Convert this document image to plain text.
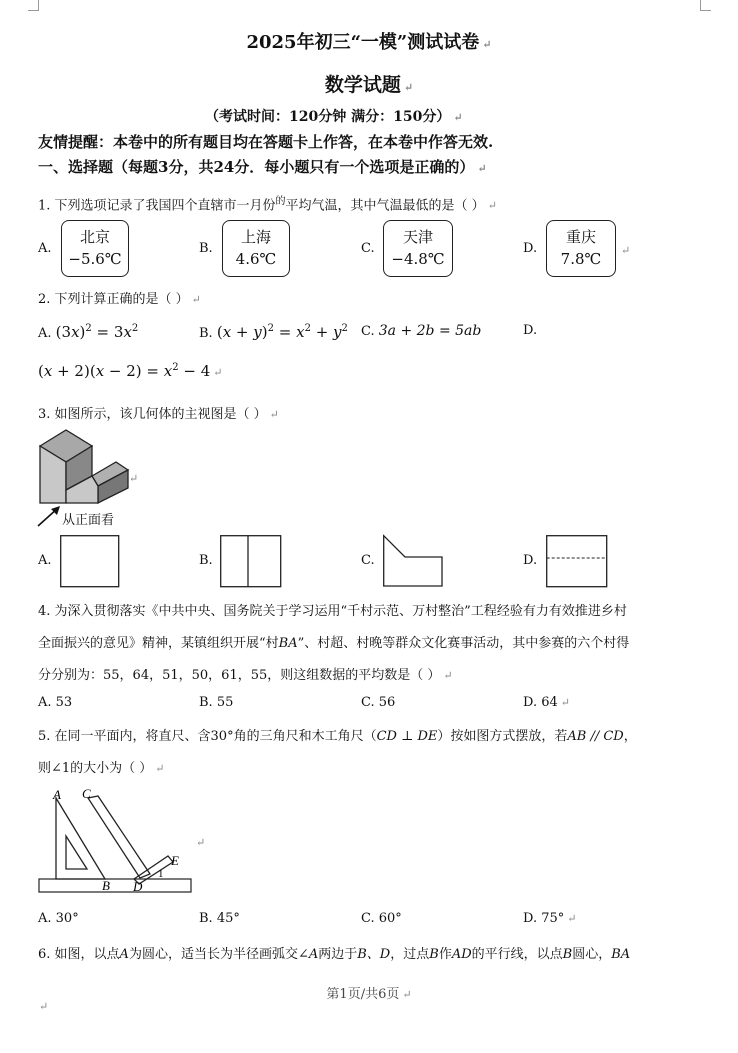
2025年初三“一模”测试试卷 ↵
数学试题 ↵
（考试时间：120分钟 满分：150分） ↵
友情提醒：本卷中的所有题目均在答题卡上作答，在本卷中作答无效.
一、选择题（每题3分，共24分．每小题只有一个选项是正确的） ↵
1. 下列选项记录了我国四个直辖市一月份$^的$平均气温，其中气温最低的是（ ） ↵
A.
北京
−5.6℃
B.
上海
4.6℃
C.
天津
−4.8℃
D.
重庆
7.8℃	↵
2. 下列计算正确的是（ ） ↵
A. $(3x)^2 = 3x^2$	B. $(x + y)^2 = x^2 + y^2$ C. 3a + 2b = 5ab	D.
$(x + 2)(x - 2) = x^2 - 4$ ↵
3. 如图所示，该几何体的主视图是（ ） ↵
↵
从正面看
A.	B.	C.	D.
4. 为深入贯彻落实《中共中央、国务院关于学习运用“千村示范、万村整治”工程经验有力有效推进乡村
全面振兴的意见》精神，某镇组织开展“村BA”、村超、村晚等群众文化赛事活动，其中参赛的六个村得
分分别为：55，64，51，50，61，55，则这组数据的平均数是（ ） ↵
A. 53	B. 55	C. 56	D. 64 ↵
5. 在同一平面内，将直尺、含30°角的三角尺和木工角尺（CD ⊥ DE）按如图方式摆放，若AB // CD，
则∠1的大小为（ ） ↵
A C
E
B D
1
↵
A. 30°	B. 45°	C. 60°	D. 75° ↵
6. 如图，以点A为圆心，适当长为半径画弧交∠A两边于B、D，过点B作AD的平行线，以点B圆心，BA
第1页/共6页 ↵
↵
